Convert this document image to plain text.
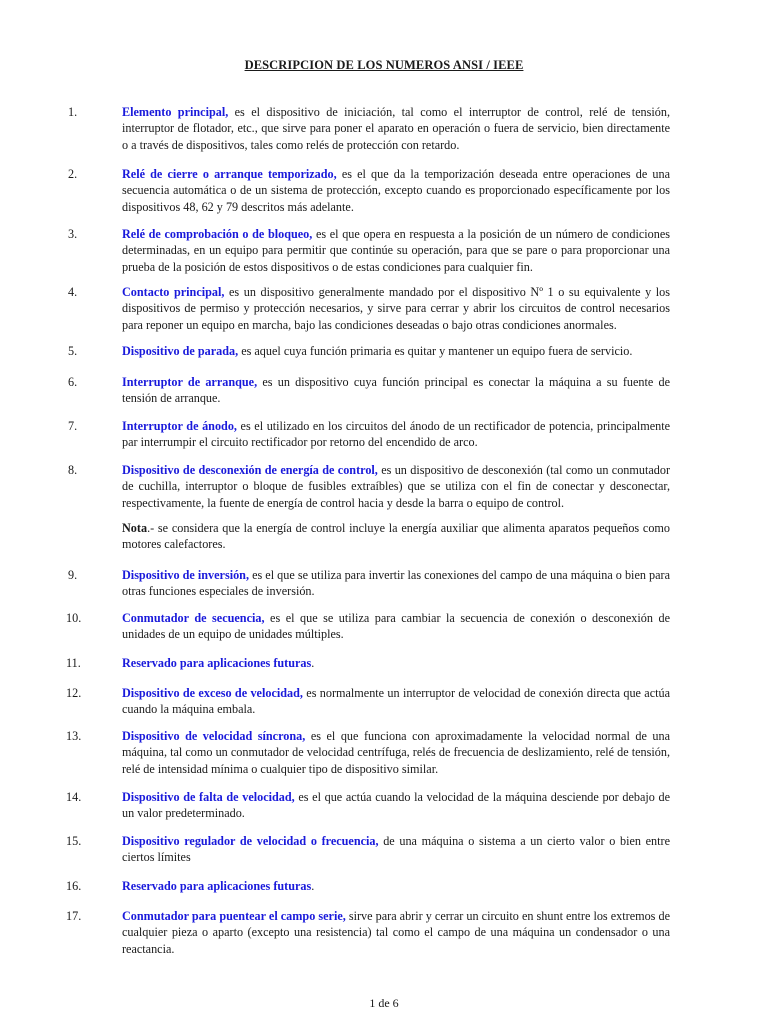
DESCRIPCION DE LOS NUMEROS ANSI / IEEE
1.	Elemento principal, es el dispositivo de iniciación, tal como el interruptor de control, relé de tensión, interruptor de flotador, etc., que sirve para poner el aparato en operación o fuera de servicio, bien directamente o a través de dispositivos, tales como relés de protección con retardo.
2.	Relé de cierre o arranque temporizado, es el que da la temporización deseada entre operaciones de una secuencia automática o de un sistema de protección, excepto cuando es proporcionado específicamente por los dispositivos 48, 62 y 79 descritos más adelante.
3.	Relé de comprobación o de bloqueo, es el que opera en respuesta a la posición de un número de condiciones determinadas, en un equipo para permitir que continúe su operación, para que se pare o para proporcionar una prueba de la posición de estos dispositivos o de estas condiciones para cualquier fin.
4.	Contacto principal, es un dispositivo generalmente mandado por el dispositivo Nº 1 o su equivalente y los dispositivos de permiso y protección necesarios, y sirve para cerrar y abrir los circuitos de control necesarios para reponer un equipo en marcha, bajo las condiciones deseadas o bajo otras condiciones anormales.
5.	Dispositivo de parada, es aquel cuya función primaria es quitar y mantener un equipo fuera de servicio.
6.	Interruptor de arranque, es un dispositivo cuya función principal es conectar la máquina a su fuente de tensión de arranque.
7.	Interruptor de ánodo, es el utilizado en los circuitos del ánodo de un rectificador de potencia, principalmente par interrumpir el circuito rectificador por retorno del encendido de arco.
8.	Dispositivo de desconexión de energía de control, es un dispositivo de desconexión (tal como un conmutador de cuchilla, interruptor o bloque de fusibles extraíbles) que se utiliza con el fin de conectar y desconectar, respectivamente, la fuente de energía de control hacia y desde la barra o equipo de control.
Nota.- se considera que la energía de control incluye la energía auxiliar que alimenta aparatos pequeños como motores calefactores.
9.	Dispositivo de inversión, es el que se utiliza para invertir las conexiones del campo de una máquina o bien para otras funciones especiales de inversión.
10.	Conmutador de secuencia, es el que se utiliza para cambiar la secuencia de conexión o desconexión de unidades de un equipo de unidades múltiples.
11.	Reservado para aplicaciones futuras.
12.	Dispositivo de exceso de velocidad, es normalmente un interruptor de velocidad de conexión directa que actúa cuando la máquina embala.
13.	Dispositivo de velocidad síncrona, es el que funciona con aproximadamente la velocidad normal de una máquina, tal como un conmutador de velocidad centrífuga, relés de frecuencia de deslizamiento, relé de tensión, relé de intensidad mínima o cualquier tipo de dispositivo similar.
14.	Dispositivo de falta de velocidad, es el que actúa cuando la velocidad de la máquina desciende por debajo de un valor predeterminado.
15.	Dispositivo regulador de velocidad o frecuencia, de una máquina o sistema a un cierto valor o bien entre ciertos límites
16.	Reservado para aplicaciones futuras.
17.	Conmutador para puentear el campo serie, sirve para abrir y cerrar un circuito en shunt entre los extremos de cualquier pieza o aparto (excepto una resistencia) tal como el campo de una máquina un condensador o una reactancia.
1 de 6
